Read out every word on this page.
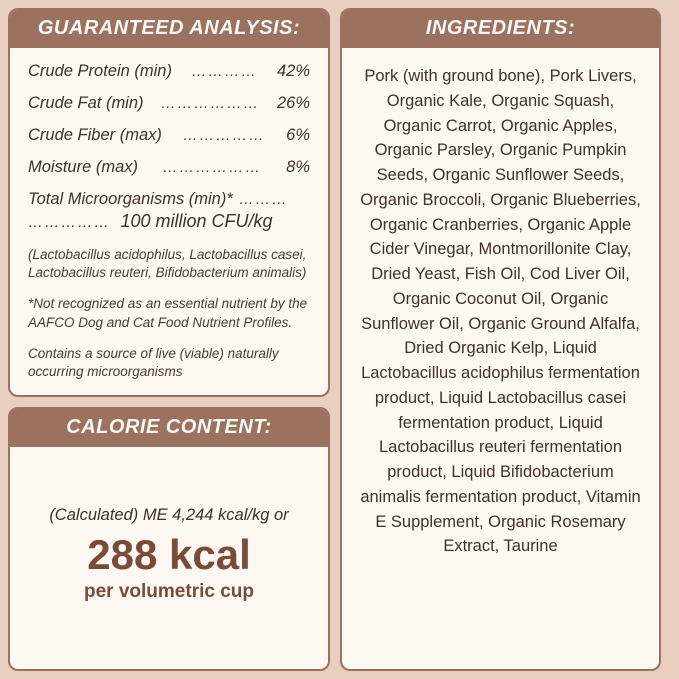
GUARANTEED ANALYSIS:
Crude Protein (min)	…………	42%
Crude Fat (min)	………………	26%
Crude Fiber (max)	……………	6%
Moisture (max)	………………	8%
Total Microorganisms (min)* ………
…………… 100 million CFU/kg

(Lactobacillus acidophilus, Lactobacillus casei, Lactobacillus reuteri, Bifidobacterium animalis)

*Not recognized as an essential nutrient by the AAFCO Dog and Cat Food Nutrient Profiles.

Contains a source of live (viable) naturally occurring microorganisms

CALORIE CONTENT:
(Calculated) ME 4,244 kcal/kg or
288 kcal
per volumetric cup
INGREDIENTS:
Pork (with ground bone), Pork Livers, Organic Kale, Organic Squash, Organic Carrot, Organic Apples, Organic Parsley, Organic Pumpkin Seeds, Organic Sunflower Seeds, Organic Broccoli, Organic Blueberries, Organic Cranberries, Organic Apple Cider Vinegar, Montmorillonite Clay, Dried Yeast, Fish Oil, Cod Liver Oil, Organic Coconut Oil, Organic Sunflower Oil, Organic Ground Alfalfa, Dried Organic Kelp, Liquid Lactobacillus acidophilus fermentation product, Liquid Lactobacillus casei fermentation product, Liquid Lactobacillus reuteri fermentation product, Liquid Bifidobacterium animalis fermentation product, Vitamin E Supplement, Organic Rosemary Extract, Taurine
